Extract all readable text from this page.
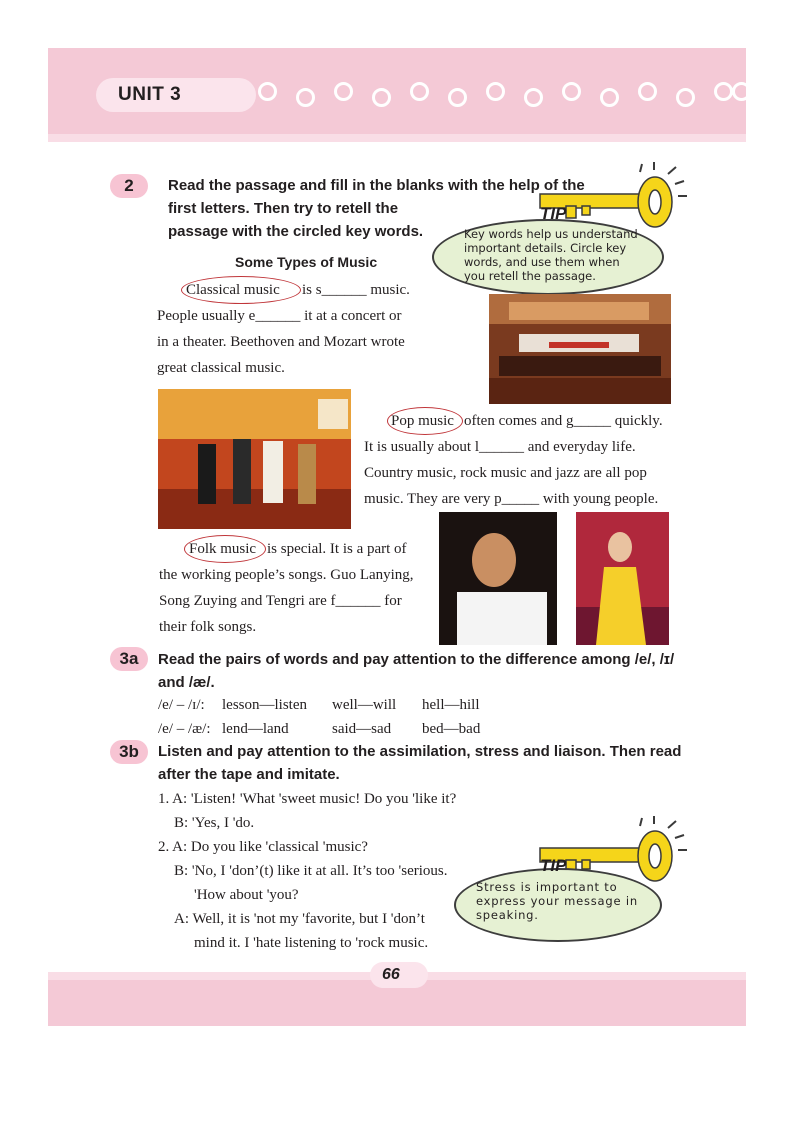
UNIT 3
2	Read the passage and fill in the blanks with the help of the
first letters. Then try to retell the
passage with the circled key words.
TIP
Key words help us understand
important details. Circle key
words, and use them when
you retell the passage.
Some Types of Music
Classical music is s______ music.
People usually e______ it at a concert or
in a theater. Beethoven and Mozart wrote
great classical music.
Pop music often comes and g_____ quickly.
It is usually about l______ and everyday life.
Country music, rock music and jazz are all pop
music. They are very p_____ with young people.
Folk music is special. It is a part of
the working people’s songs. Guo Lanying,
Song Zuying and Tengri are f______ for
their folk songs.
3a	Read the pairs of words and pay attention to the difference among /e/, /ɪ/
and /æ/.
/e/ – /ɪ/: lesson—listen well—will hell—hill
/e/ – /æ/: lend—land	said—sad bed—bad
3b	Listen and pay attention to the assimilation, stress and liaison. Then read
after the tape and imitate.
1. A: 'Listen! 'What 'sweet music! Do you 'like it?
B: 'Yes, I 'do.
2. A: Do you like 'classical 'music?
B: 'No, I 'don’(t) like it at all. It’s too 'serious.
'How about 'you?
A: Well, it is 'not my 'favorite, but I 'don’t
mind it. I 'hate listening to 'rock music.
TIP
Stress is important to
express your message in
speaking.
66
